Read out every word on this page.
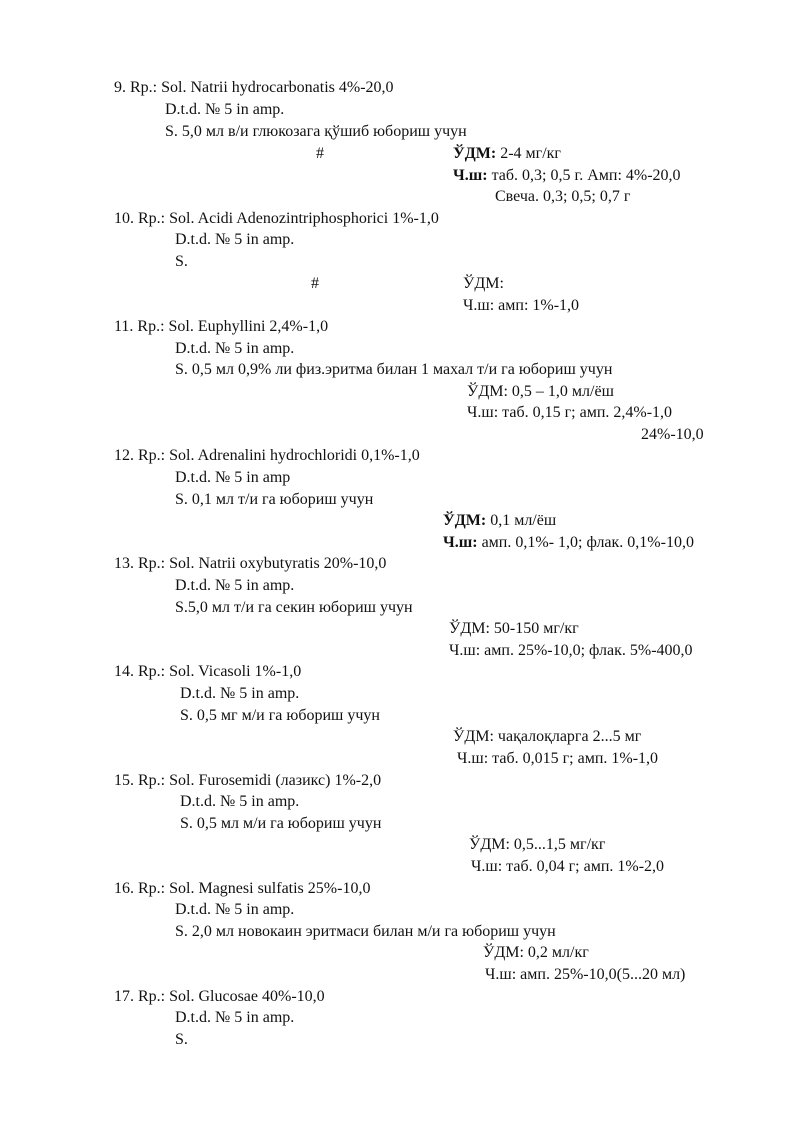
9. Rp.: Sol. Natrii hydrocarbonatis 4%-20,0
D.t.d. № 5 in amp.
S. 5,0 мл в/и глюкозага қўшиб юбориш учун
#	ЎДМ: 2-4 мг/кг
Ч.ш: таб. 0,3; 0,5 г. Амп: 4%-20,0
Свеча. 0,3; 0,5; 0,7 г
10. Rp.: Sol. Acidi Adenozintriphosphorici 1%-1,0
D.t.d. № 5 in amp.
S.
#	ЎДМ:
Ч.ш: амп: 1%-1,0
11. Rp.: Sol. Euphyllini 2,4%-1,0
D.t.d. № 5 in amp.
S. 0,5 мл 0,9% ли физ.эритма билан 1 махал т/и га юбориш учун
ЎДМ: 0,5 – 1,0 мл/ёш
Ч.ш: таб. 0,15 г; амп. 2,4%-1,0
24%-10,0
12. Rp.: Sol. Adrenalini hydrochloridi 0,1%-1,0
D.t.d. № 5 in amp
S. 0,1 мл т/и га юбориш учун
ЎДМ: 0,1 мл/ёш
Ч.ш: амп. 0,1%- 1,0; флак. 0,1%-10,0
13. Rp.: Sol. Natrii oxybutyratis 20%-10,0
D.t.d. № 5 in amp.
S.5,0 мл т/и га секин юбориш учун
ЎДМ: 50-150 мг/кг
Ч.ш: амп. 25%-10,0; флак. 5%-400,0
14. Rp.: Sol. Vicasoli 1%-1,0
D.t.d. № 5 in amp.
S. 0,5 мг м/и га юбориш учун
ЎДМ: чақалоқларга 2...5 мг
Ч.ш: таб. 0,015 г; амп. 1%-1,0
15. Rp.: Sol. Furosemidi (лазикс) 1%-2,0
D.t.d. № 5 in amp.
S. 0,5 мл м/и га юбориш учун
ЎДМ: 0,5...1,5 мг/кг
Ч.ш: таб. 0,04 г; амп. 1%-2,0
16. Rp.: Sol. Magnesi sulfatis 25%-10,0
D.t.d. № 5 in amp.
S. 2,0 мл новокаин эритмаси билан м/и га юбориш учун
ЎДМ: 0,2 мл/кг
Ч.ш: амп. 25%-10,0(5...20 мл)
17. Rp.: Sol. Glucosae 40%-10,0
D.t.d. № 5 in amp.
S.
